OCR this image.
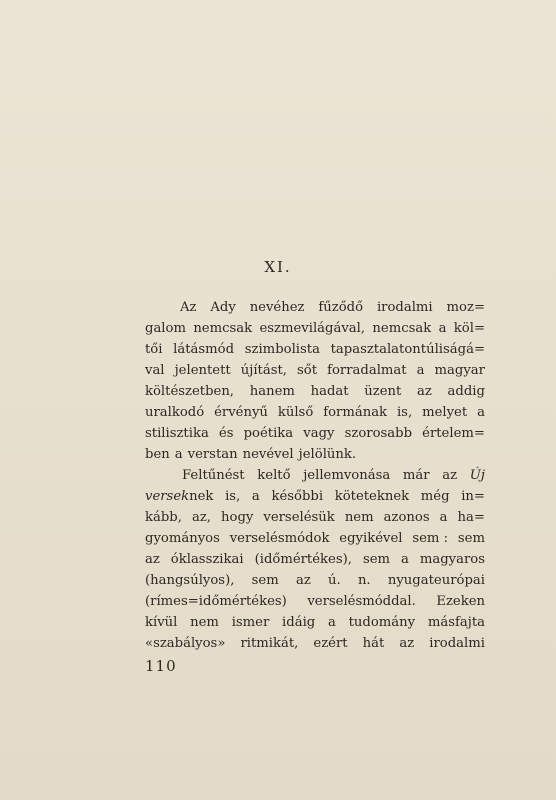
XI.
Az Ady nevéhez fűződő irodalmi moz=
galom nemcsak eszmevilágával, nemcsak a köl=
tői látásmód szimbolista tapasztalatontúliságá=
val jelentett újítást, sőt forradalmat a magyar
költészetben, hanem hadat üzent az addig
uralkodó érvényű külső formának is, melyet a
stilisztika és poétika vagy szorosabb értelem=
ben a verstan nevével jelölünk.
Feltűnést keltő jellemvonása már az Új
verseknek is, a későbbi köteteknek még in=
kább, az, hogy verselésük nem azonos a ha=
gyományos verselésmódok egyikével sem : sem
az óklasszikai (időmértékes), sem a magyaros
(hangsúlyos), sem az ú. n. nyugateurópai
(rímes=időmértékes) verselésmóddal. Ezeken
kívül nem ismer idáig a tudomány másfajta
«szabályos» ritmikát, ezért hát az irodalmi
110
